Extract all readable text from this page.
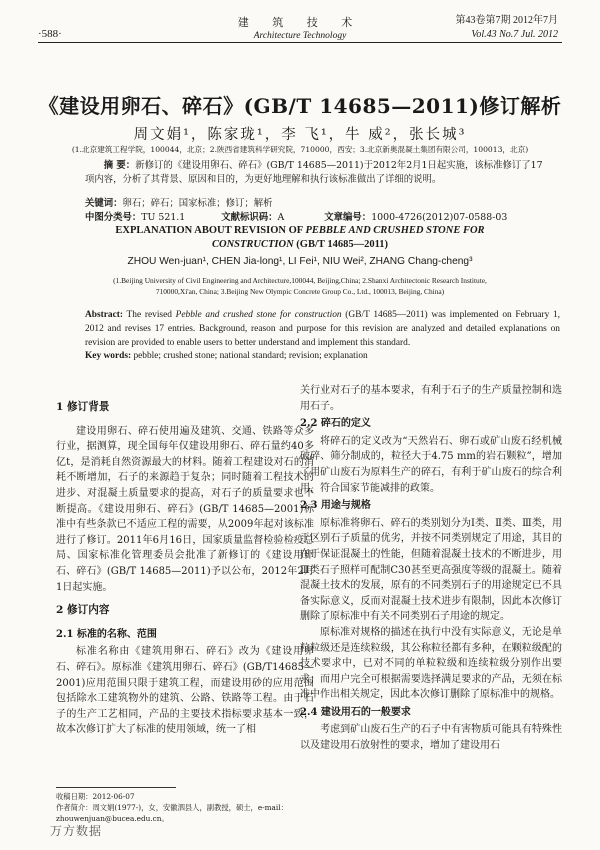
·588·
建 筑 技 术
Architecture Technology
第43卷第7期 2012年7月
Vol.43 No.7 Jul. 2012
《建设用卵石、碎石》(GB/T 14685—2011)修订解析
周文娟¹，陈家珑¹，李 飞¹，牛 威²，张长城³
(1.北京建筑工程学院，100044，北京；2.陕西省建筑科学研究院，710000，西安；3.北京新奥混凝土集团有限公司，100013，北京)
摘 要：新修订的《建设用卵石、碎石》(GB/T 14685—2011)于2012年2月1日起实施，该标准修订了17项内容，分析了其背景、原因和目的，为更好地理解和执行该标准做出了详细的说明。
关键词：卵石；碎石；国家标准；修订；解析
中图分类号：TU 521.1	文献标识码：A	文章编号：1000-4726(2012)07-0588-03
EXPLANATION ABOUT REVISION OF PEBBLE AND CRUSHED STONE FOR
CONSTRUCTION (GB/T 14685—2011)
ZHOU Wen-juan¹, CHEN Jia-long¹, LI Fei¹, NIU Wei², ZHANG Chang-cheng³
(1.Beijing University of Civil Engineering and Architecture,100044, Beijing,China; 2.Shanxi Architectonic Research Institute,
710000,Xi'an, China; 3.Beijing New Olympic Concrete Group Co., Ltd., 100013, Beijing, China)
Abstract: The revised Pebble and crushed stone for construction (GB/T 14685—2011) was implemented on February 1, 2012 and revises 17 entries. Background, reason and purpose for this revision are analyzed and detailed explanations on revision are provided to enable users to better understand and implement this standard.
Key words: pebble; crushed stone; national standard; revision; explanation
1 修订背景

建设用卵石、碎石使用遍及建筑、交通、铁路等众多行业，据测算，现全国每年仅建设用卵石、碎石量约40多亿t，是消耗自然资源最大的材料。随着工程建设对石的消耗不断增加，石子的来源趋于复杂；同时随着工程技术的进步、对混凝土质量要求的提高，对石子的质量要求也不断提高。《建设用卵石、碎石》(GB/T 14685—2001)标准中有些条款已不适应工程的需要，从2009年起对该标准进行了修订。2011年6月16日，国家质量监督检验检疫总局、国家标准化管理委员会批准了新修订的《建设用卵石、碎石》(GB/T 14685—2011)予以公布，2012年2月1日起实施。

2 修订内容
2.1 标准的名称、范围

标准名称由《建筑用卵石、碎石》改为《建设用卵石、碎石》。原标准《建筑用卵石、碎石》(GB/T14685—2001)应用范围只限于建筑工程，而建设用砂的应用范围包括除水工建筑物外的建筑、公路、铁路等工程。由于石子的生产工艺相同，产品的主要技术指标要求基本一致，故本次修订扩大了标准的使用领域，统一了相

关行业对石子的基本要求，有利于石子的生产质量控制和选用石子。

2.2 碎石的定义

将碎石的定义改为“天然岩石、卵石或矿山废石经机械破碎、筛分制成的，粒径大于4.75 mm的岩石颗粒”，增加了用矿山废石为原料生产的碎石，有利于矿山废石的综合利用，符合国家节能减排的政策。

2.3 用途与规格

原标准将卵石、碎石的类别划分为Ⅰ类、Ⅱ类、Ⅲ类，用于区别石子质量的优劣，并按不同类别规定了用途，其目的在于保证混凝土的性能，但随着混凝土技术的不断进步，用Ⅲ类石子照样可配制C30甚至更高强度等级的混凝土。随着混凝土技术的发展，原有的不同类别石子的用途规定已不具备实际意义，反而对混凝土技术进步有限制，因此本次修订删除了原标准中有关不同类别石子用途的规定。

原标准对规格的描述在执行中没有实际意义，无论是单粒粒级还是连续粒级，其公称粒径都有多种，在颗粒级配的技术要求中，已对不同的单粒粒级和连续粒级分别作出要求；而用户完全可根据需要选择满足要求的产品，无须在标准中作出相关规定，因此本次修订删除了原标准中的规格。

2.4 建设用石的一般要求

考虑到矿山废石生产的石子中有害物质可能具有特殊性以及建设用石放射性的要求，增加了建设用石

收稿日期：2012-06-07
作者简介：周文娟(1977-)，女，安徽泗县人，副教授，硕士，e-mail：
zhouwenjuan@bucea.edu.cn。
万方数据
